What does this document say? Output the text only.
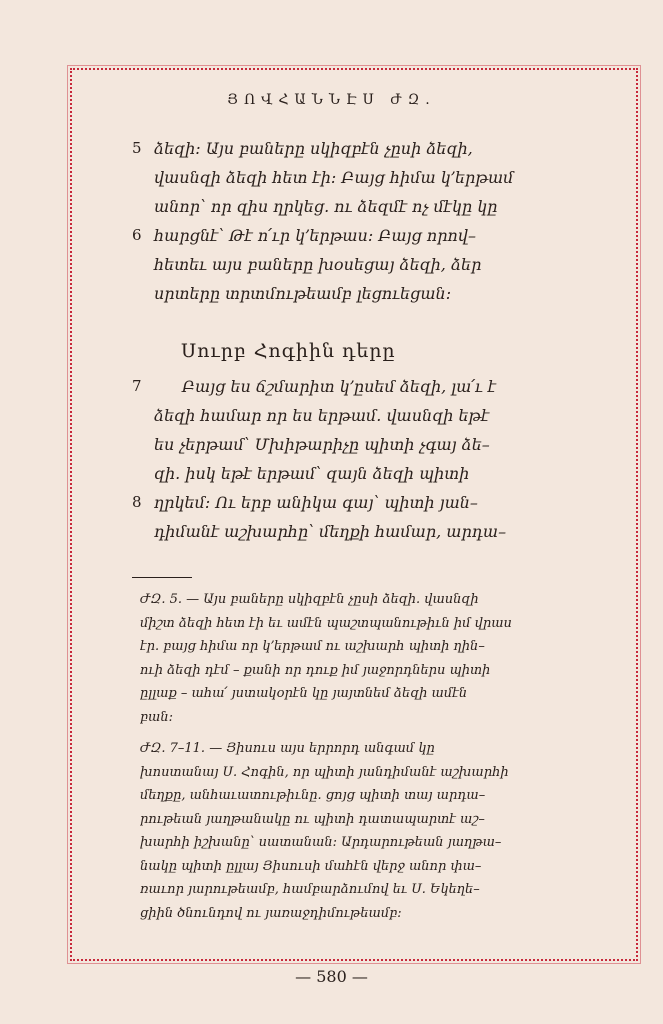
ՅՈՎՀԱՆՆԷՍ ԺԶ.
5 ձեզի։ Այս բաները սկիզբէն չըսի ձեզի,
վասնզի ձեզի հետ էի։ Բայց հիմա կ՚երթամ
անոր՝ որ զիս ղրկեց. ու ձեզմէ ոչ մէկը կը
6 հարցնէ՝ Թէ ո՛ւր կ՚երթաս։ Բայց որով–
հետեւ այս բաները խօսեցայ ձեզի, ձեր
սրտերը տրտմութեամբ լեցուեցան։
Սուրբ Հոգիին դերը
7	Բայց ես ճշմարիտ կ՚ըսեմ ձեզի, լա՛ւ է
ձեզի համար որ ես երթամ. վասնզի եթէ
ես չերթամ՝ Մխիթարիչը պիտի չգայ ձե–
զի. իսկ եթէ երթամ՝ զայն ձեզի պիտի
8 ղրկեմ։ Ու երբ անիկա գայ՝ պիտի յան–
դիմանէ աշխարհը՝ մեղքի համար, արդա–
ԺԶ. 5. — Այս բաները սկիզբէն չըսի ձեզի. վասնզի
միշտ ձեզի հետ էի եւ ամէն պաշտպանութիւն իմ վրաս
էր. բայց հիմա որ կ՚երթամ ու աշխարհ պիտի ղին–
ուի ձեզի դէմ – քանի որ դուք իմ յաջորդներս պիտի
ըլլաք – ահա՛ յստակօրէն կը յայտնեմ ձեզի ամէն
բան։
ԺԶ. 7–11. — Յիսուս այս երրորդ անգամ կը
խոստանայ Ս. Հոգին, որ պիտի յանդիմանէ աշխարհի
մեղքը, անհաւատութիւնը. ցոյց պիտի տայ արդա–
րութեան յաղթանակը ու պիտի դատապարտէ աշ–
խարհի իշխանը՝ սատանան։ Արդարութեան յաղթա–
նակը պիտի ըլլայ Յիսուսի մահէն վերջ անոր փա–
ռաւոր յարութեամբ, համբարձումով եւ Ս. Եկեղե–
ցիին ծնունդով ու յառաջդիմութեամբ։
— 580 —
